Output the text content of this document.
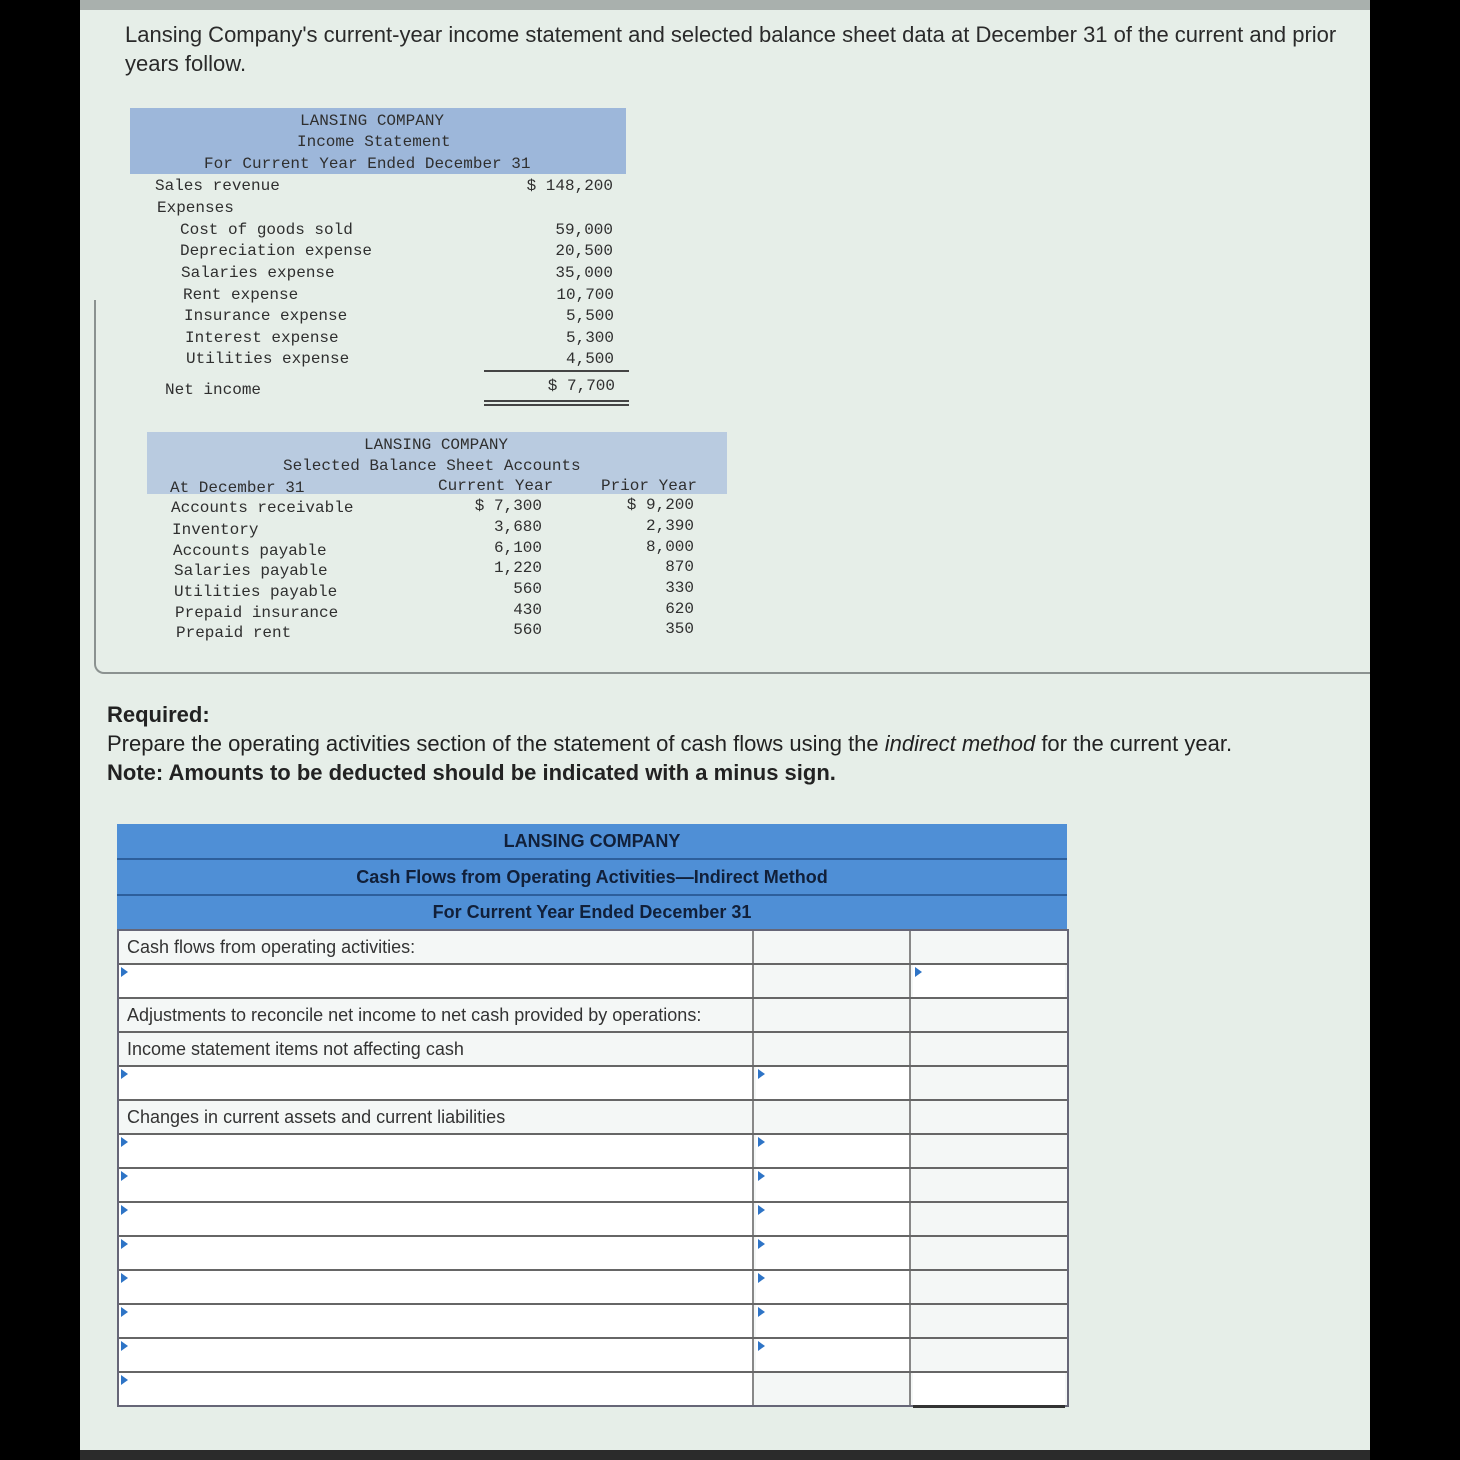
Lansing Company's current-year income statement and selected balance sheet data at December 31 of the current and prior years follow.
LANSING COMPANY
Income Statement
For Current Year Ended December 31
Sales revenue	$ 148,200
Expenses
Cost of goods sold	59,000
Depreciation expense	20,500
Salaries expense	35,000
Rent expense	10,700
Insurance expense	5,500
Interest expense	5,300
Utilities expense	4,500
Net income	$ 7,700
LANSING COMPANY
Selected Balance Sheet Accounts
At December 31	Current Year	Prior Year
Accounts receivable	$ 7,300	$ 9,200
Inventory	3,680	2,390
Accounts payable	6,100	8,000
Salaries payable	1,220	870
Utilities payable	560	330
Prepaid insurance	430	620
Prepaid rent	560	350
Required:
Prepare the operating activities section of the statement of cash flows using the indirect method for the current year.
Note: Amounts to be deducted should be indicated with a minus sign.
LANSING COMPANY
Cash Flows from Operating Activities—Indirect Method
For Current Year Ended December 31
Cash flows from operating activities:
Adjustments to reconcile net income to net cash provided by operations:
Income statement items not affecting cash
Changes in current assets and current liabilities
